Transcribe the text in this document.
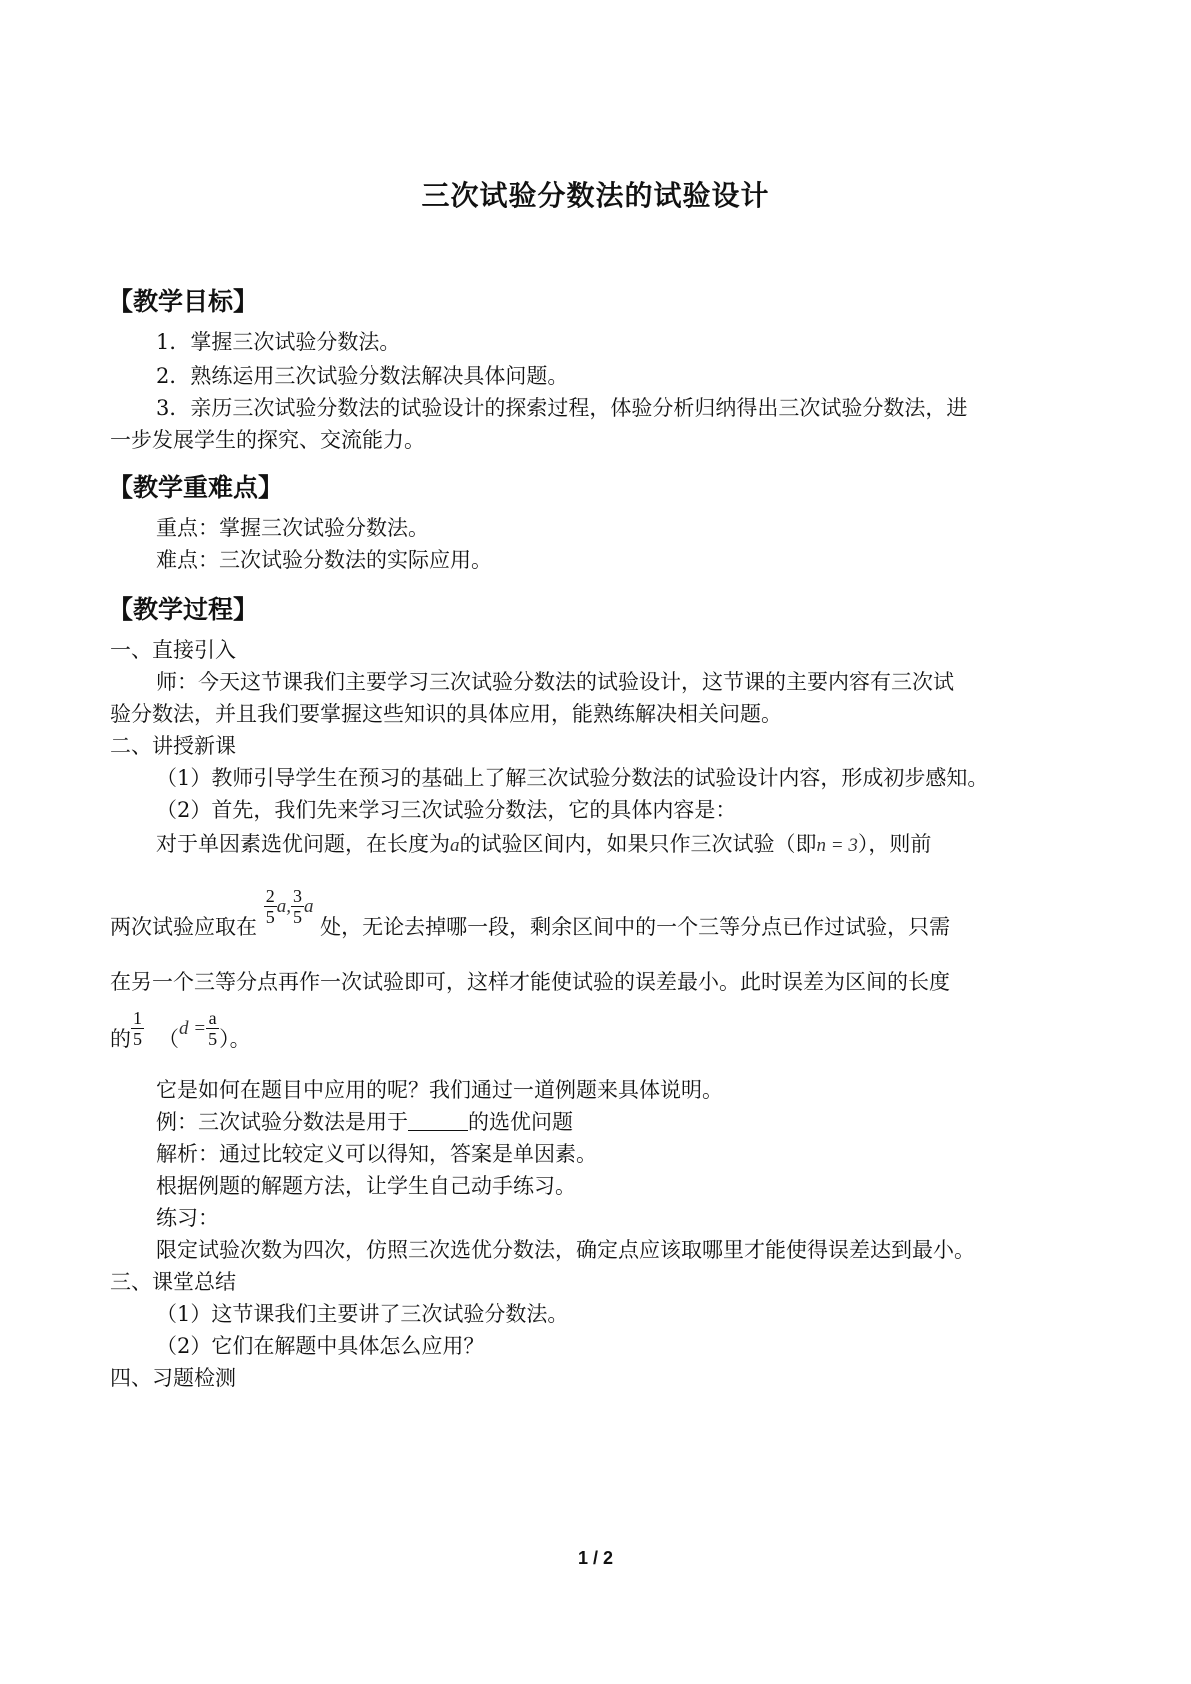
三次试验分数法的试验设计
【教学目标】
1．掌握三次试验分数法。
2．熟练运用三次试验分数法解决具体问题。
3．亲历三次试验分数法的试验设计的探索过程，体验分析归纳得出三次试验分数法，进
一步发展学生的探究、交流能力。
【教学重难点】
重点：掌握三次试验分数法。
难点：三次试验分数法的实际应用。
【教学过程】
一、直接引入
师：今天这节课我们主要学习三次试验分数法的试验设计，这节课的主要内容有三次试
验分数法，并且我们要掌握这些知识的具体应用，能熟练解决相关问题。
二、讲授新课
（1）教师引导学生在预习的基础上了解三次试验分数法的试验设计内容，形成初步感知。
（2）首先，我们先来学习三次试验分数法，它的具体内容是：
对于单因素选优问题，在长度为a的试验区间内，如果只作三次试验（即n = 3），则前
两次试验应取在 $\frac{2}{5} a$, $\frac{3}{5}$ a 处，无论去掉哪一段，剩余区间中的一个三等分点已作过试验，只需
在另一个三等分点再作一次试验即可，这样才能使试验的误差最小。此时误差为区间的长度
的 $\frac{1}{5} (d = \frac{a}{5}$ ）。
它是如何在题目中应用的呢？我们通过一道例题来具体说明。
例：三次试验分数法是用于	的选优问题
解析：通过比较定义可以得知，答案是单因素。
根据例题的解题方法，让学生自己动手练习。
练习：
限定试验次数为四次，仿照三次选优分数法，确定点应该取哪里才能使得误差达到最小。
三、课堂总结
（1）这节课我们主要讲了三次试验分数法。
（2）它们在解题中具体怎么应用？
四、习题检测
1 / 2
